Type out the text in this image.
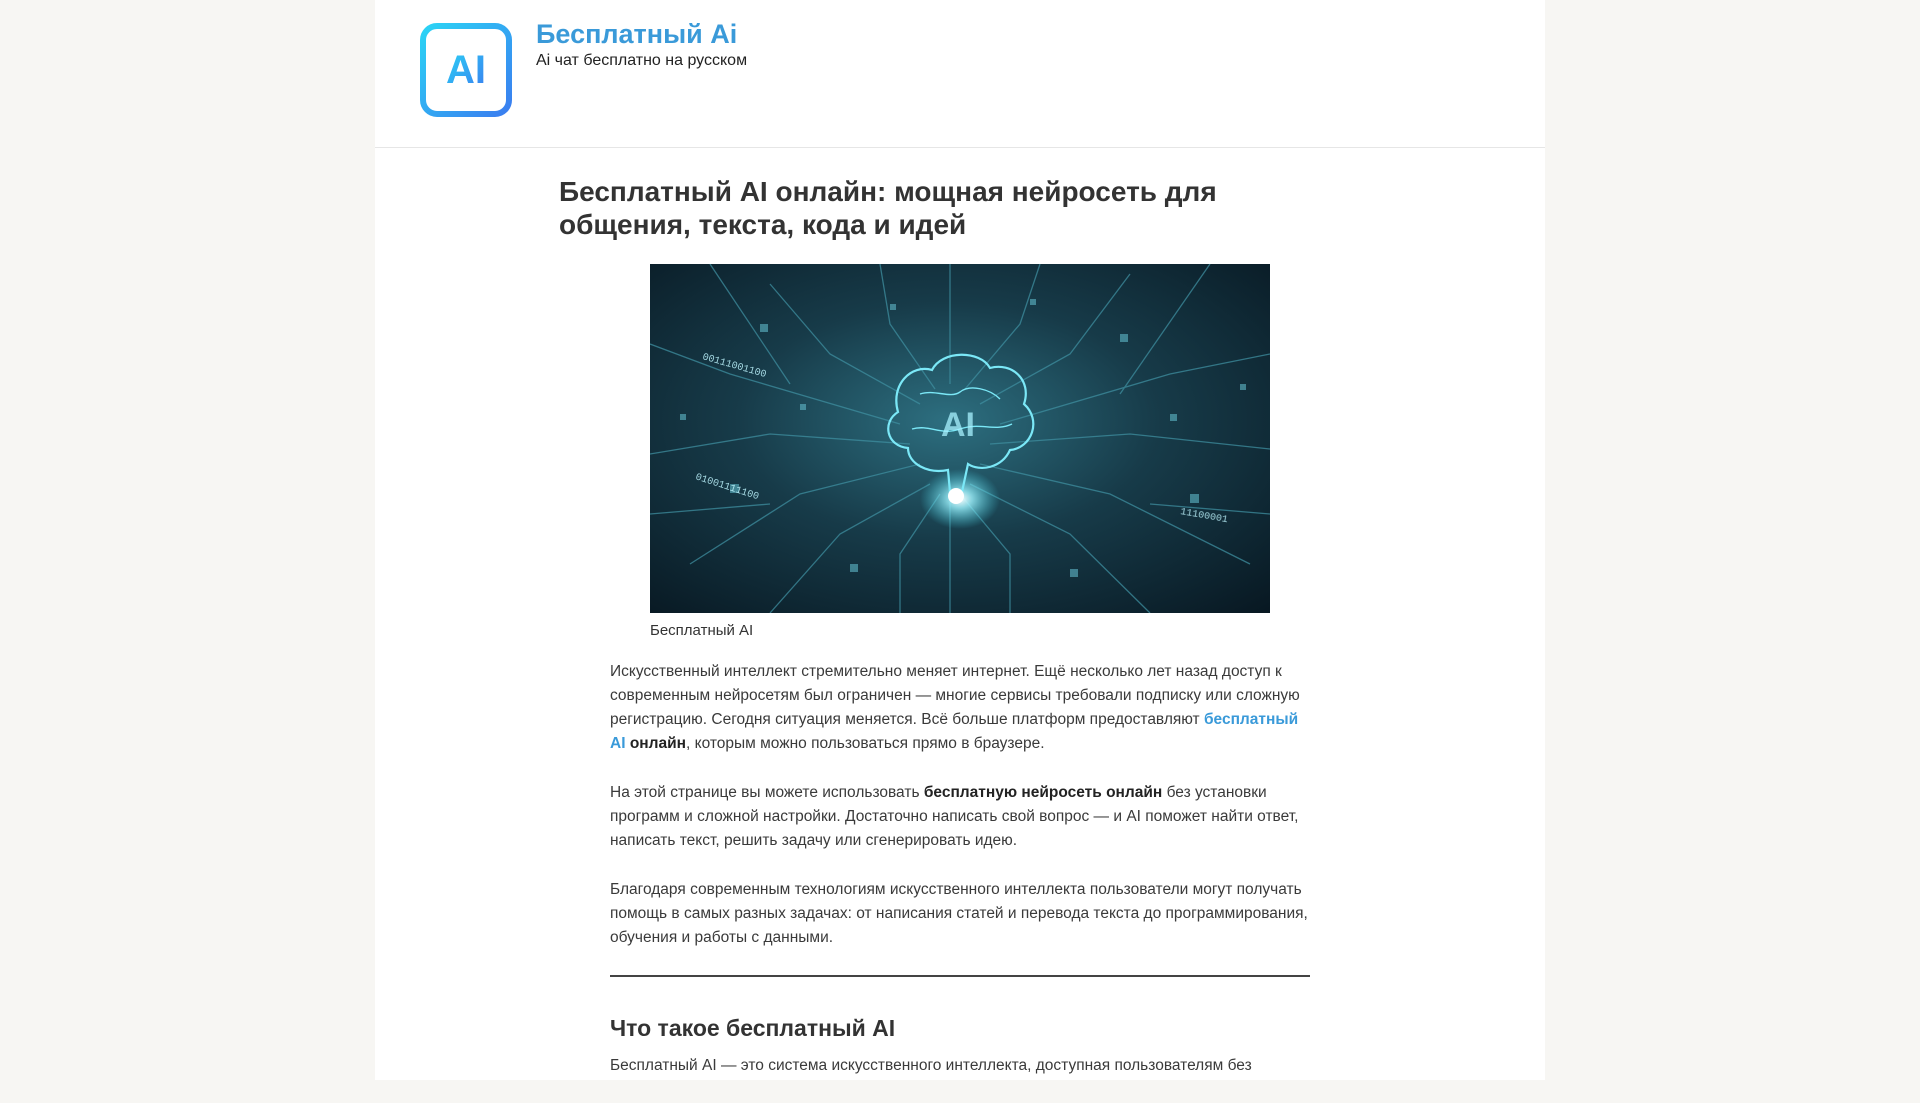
AI
Бесплатный Ai

Ai чат бесплатно на русском

Бесплатный AI онлайн: мощная нейросеть для общения, текста, кода и идей
00111001100
01001111100
11100001
AI
Бесплатный AI

Искусственный интеллект стремительно меняет интернет. Ещё несколько лет назад доступ к современным нейросетям был ограничен — многие сервисы требовали подписку или сложную регистрацию. Сегодня ситуация меняется. Всё больше платформ предоставляют бесплатный AI онлайн, которым можно пользоваться прямо в браузере.

На этой странице вы можете использовать бесплатную нейросеть онлайн без установки программ и сложной настройки. Достаточно написать свой вопрос — и AI поможет найти ответ, написать текст, решить задачу или сгенерировать идею.

Благодаря современным технологиям искусственного интеллекта пользователи могут получать помощь в самых разных задачах: от написания статей и перевода текста до программирования, обучения и работы с данными.

Что такое бесплатный AI

Бесплатный AI — это система искусственного интеллекта, доступная пользователям без
